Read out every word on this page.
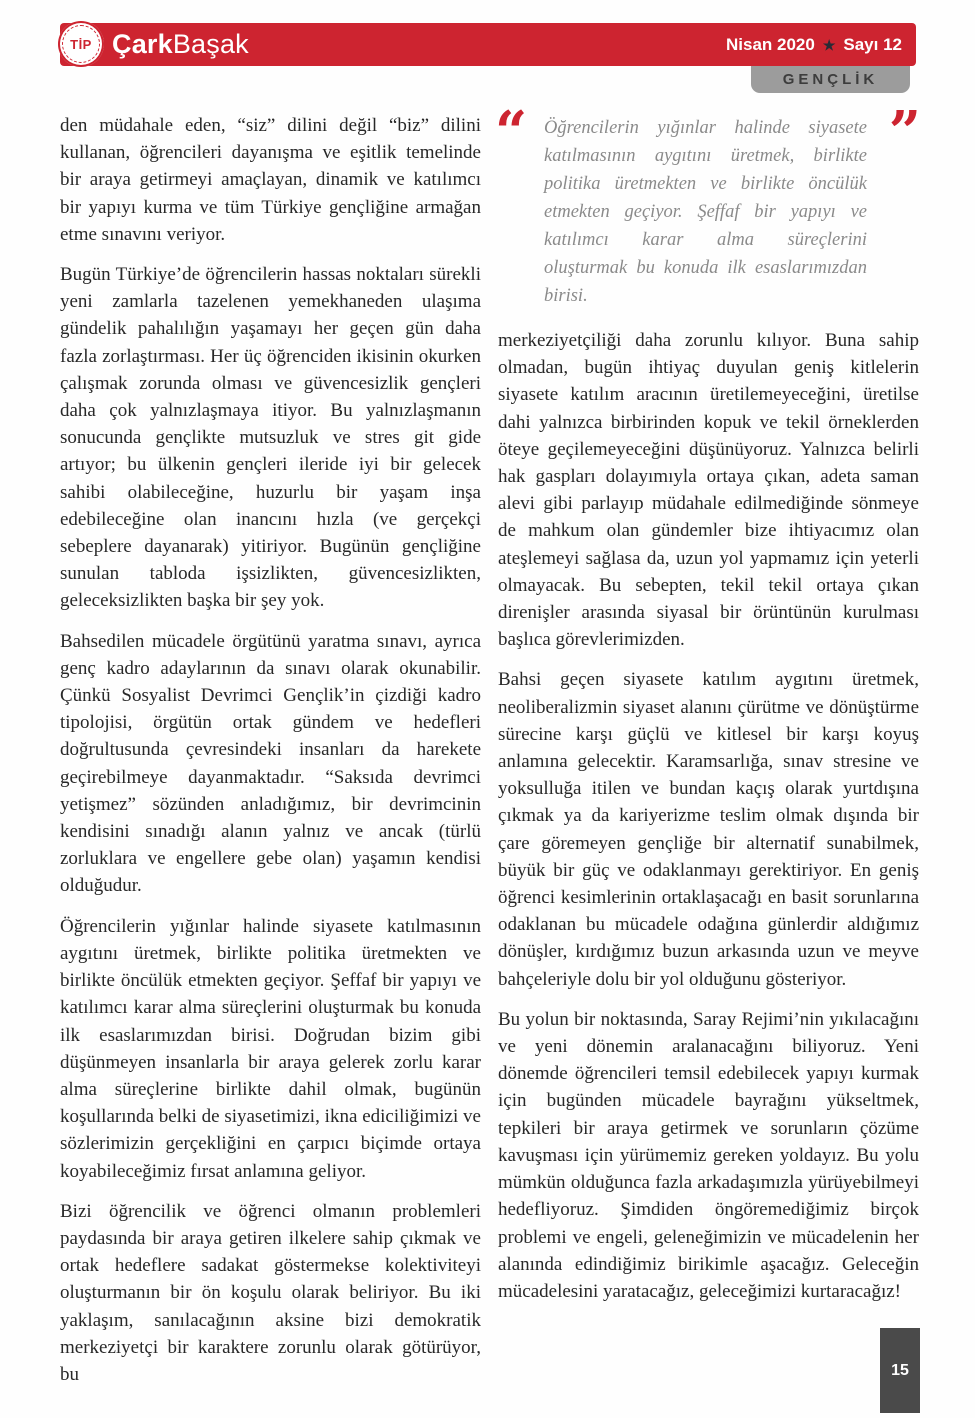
GENÇLİK
TİP ÇarkBaşak	Nisan 2020 ★ Sayı 12

den müdahale eden, “siz” dilini değil “biz” dilini kullanan, öğrencileri dayanışma ve eşitlik temelinde bir araya getirmeyi amaçlayan, dinamik ve katılımcı bir yapıyı kurma ve tüm Türkiye gençliğine armağan etme sınavını veriyor.

Bugün Türkiye’de öğrencilerin hassas noktaları sürekli yeni zamlarla tazelenen yemekhaneden ulaşıma gündelik pahalılığın yaşamayı her geçen gün daha fazla zorlaştırması. Her üç öğrenciden ikisinin okurken çalışmak zorunda olması ve güvencesizlik gençleri daha çok yalnızlaşmaya itiyor. Bu yalnızlaşmanın sonucunda gençlikte mutsuzluk ve stres git gide artıyor; bu ülkenin gençleri ileride iyi bir gelecek sahibi olabileceğine, huzurlu bir yaşam inşa edebileceğine olan inancını hızla (ve gerçekçi sebeplere dayanarak) yitiriyor. Bugünün gençliğine sunulan tabloda işsizlikten, güvencesizlikten, geleceksizlikten başka bir şey yok.

Bahsedilen mücadele örgütünü yaratma sınavı, ayrıca genç kadro adaylarının da sınavı olarak okunabilir. Çünkü Sosyalist Devrimci Gençlik’in çizdiği kadro tipolojisi, örgütün ortak gündem ve hedefleri doğrultusunda çevresindeki insanları da harekete geçirebilmeye dayanmaktadır. “Saksıda devrimci yetişmez” sözünden anladığımız, bir devrimcinin kendisini sınadığı alanın yalnız ve ancak (türlü zorluklara ve engellere gebe olan) yaşamın kendisi olduğudur.

Öğrencilerin yığınlar halinde siyasete katılmasının aygıtını üretmek, birlikte politika üretmekten ve birlikte öncülük etmekten geçiyor. Şeffaf bir yapıyı ve katılımcı karar alma süreçlerini oluşturmak bu konuda ilk esaslarımızdan birisi. Doğrudan bizim gibi düşünmeyen insanlarla bir araya gelerek zorlu karar alma süreçlerine birlikte dahil olmak, bugünün koşullarında belki de siyasetimizi, ikna ediciliğimizi ve sözlerimizin gerçekliğini en çarpıcı biçimde ortaya koyabileceğimiz fırsat anlamına geliyor.

Bizi öğrencilik ve öğrenci olmanın problemleri paydasında bir araya getiren ilkelere sahip çıkmak ve ortak hedeflere sadakat göstermekse kolektiviteyi oluşturmanın bir ön koşulu olarak beliriyor. Bu iki yaklaşım, sanılacağının aksine bizi demokratik merkeziyetçi bir karaktere zorunlu olarak götürüyor, bu

“ Öğrencilerin yığınlar halinde siyasete katılmasının aygıtını üretmek, birlikte politika üretmekten ve birlikte öncülük etmekten geçiyor. Şeffaf bir yapıyı ve katılımcı karar alma süreçlerini oluşturmak bu konuda ilk esaslarımızdan birisi.
”

merkeziyetçiliği daha zorunlu kılıyor. Buna sahip olmadan, bugün ihtiyaç duyulan geniş kitlelerin siyasete katılım aracının üretilemeyeceğini, üretilse dahi yalnızca birbirinden kopuk ve tekil örneklerden öteye geçilemeyeceğini düşünüyoruz. Yalnızca belirli hak gaspları dolayımıyla ortaya çıkan, adeta saman alevi gibi parlayıp müdahale edilmediğinde sönmeye de mahkum olan gündemler bize ihtiyacımız olan ateşlemeyi sağlasa da, uzun yol yapmamız için yeterli olmayacak. Bu sebepten, tekil tekil ortaya çıkan direnişler arasında siyasal bir örüntünün kurulması başlıca görevlerimizden.

Bahsi geçen siyasete katılım aygıtını üretmek, neoliberalizmin siyaset alanını çürütme ve dönüştürme sürecine karşı güçlü ve kitlesel bir karşı koyuş anlamına gelecektir. Karamsarlığa, sınav stresine ve yoksulluğa itilen ve bundan kaçış olarak yurtdışına çıkmak ya da kariyerizme teslim olmak dışında bir çare göremeyen gençliğe bir alternatif sunabilmek, büyük bir güç ve odaklanmayı gerektiriyor. En geniş öğrenci kesimlerinin ortaklaşacağı en basit sorunlarına odaklanan bu mücadele odağına günlerdir aldığımız dönüşler, kırdığımız buzun arkasında uzun ve meyve bahçeleriyle dolu bir yol olduğunu gösteriyor.

Bu yolun bir noktasında, Saray Rejimi’nin yıkılacağını ve yeni dönemin aralanacağını biliyoruz. Yeni dönemde öğrencileri temsil edebilecek yapıyı kurmak için bugünden mücadele bayrağını yükseltmek, tepkileri bir araya getirmek ve sorunların çözüme kavuşması için yürümemiz gereken yoldayız. Bu yolu mümkün olduğunca fazla arkadaşımızla yürüyebilmeyi hedefliyoruz. Şimdiden öngöremediğimiz birçok problemi ve engeli, geleneğimizin ve mücadelenin her alanında edindiğimiz birikimle aşacağız. Geleceğin mücadelesini yaratacağız, geleceğimizi kurtaracağız!

15
